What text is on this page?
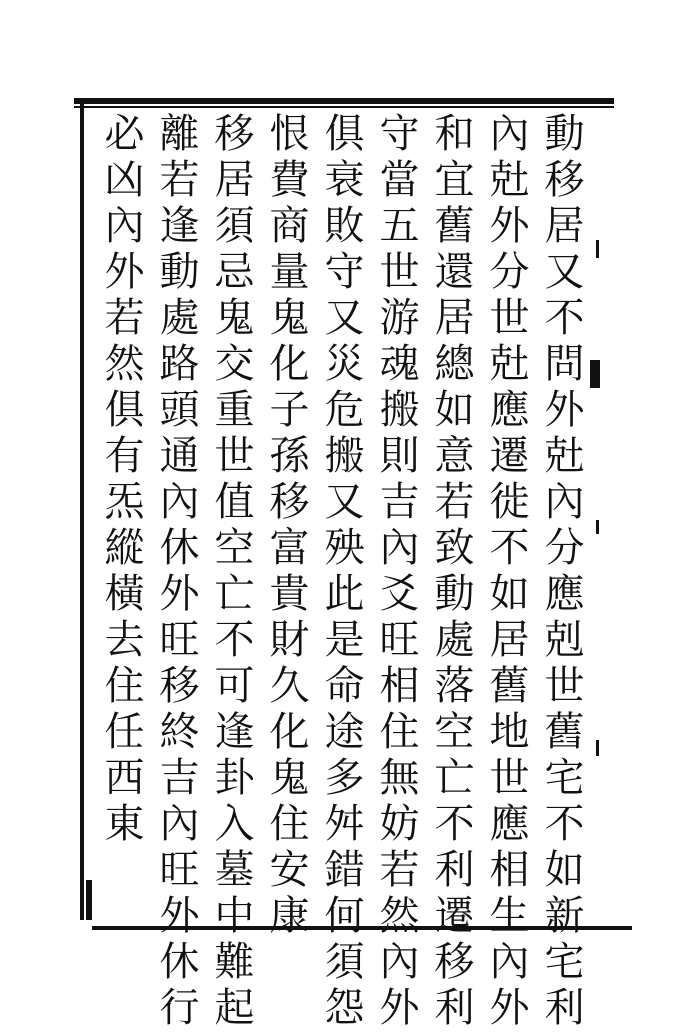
動移居又不問外兙內分應剋世舊宅不如新宅利
內兙外分世兙應遷徙不如居舊地世應相生內外
和宜舊還居總如意若致動處落空亡不利遷移利
守當五世游魂搬則吉內爻旺相住無妨若然內外
俱衰敗守又災危搬又殃此是命途多舛錯何須怨
恨費商量鬼化子孫移富貴財久化鬼住安康
移居須忌鬼交重世值空亡不可逢卦入墓中難起
離若逢動處路頭通內休外旺移終吉內旺外休行
必凶內外若然俱有炁縱橫去住任西東
